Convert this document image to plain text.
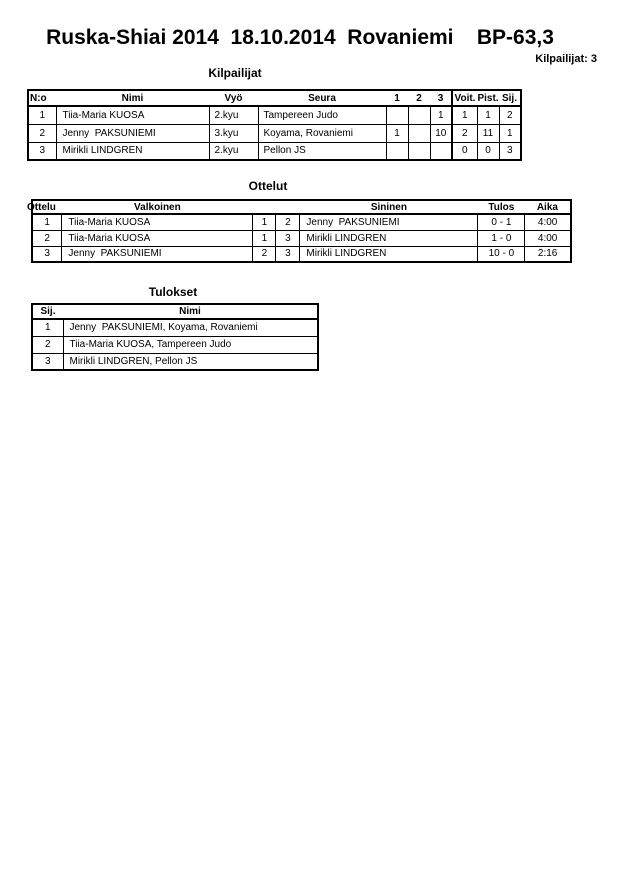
Ruska-Shiai 2014  18.10.2014  Rovaniemi    BP-63,3
Kilpailijat: 3
Kilpailijat
N:o	Nimi	Vyö	Seura	1	2	3	Voit.	Pist.	Sij.
1	Tiia-Maria KUOSA	2.kyu	Tampereen Judo			1	1	1	2
2	Jenny  PAKSUNIEMI	3.kyu	Koyama, Rovaniemi	1		10	2	11	1
3	Mirikli LINDGREN	2.kyu	Pellon JS				0	0	3
Ottelut
Ottelu	Valkoinen			Sininen	Tulos	Aika
1	Tiia-Maria KUOSA	1	2	Jenny  PAKSUNIEMI	0 - 1	4:00
2	Tiia-Maria KUOSA	1	3	Mirikli LINDGREN	1 - 0	4:00
3	Jenny  PAKSUNIEMI	2	3	Mirikli LINDGREN	10 - 0	2:16
Tulokset
Sij.	Nimi
1	Jenny  PAKSUNIEMI, Koyama, Rovaniemi
2	Tiia-Maria KUOSA, Tampereen Judo
3	Mirikli LINDGREN, Pellon JS
